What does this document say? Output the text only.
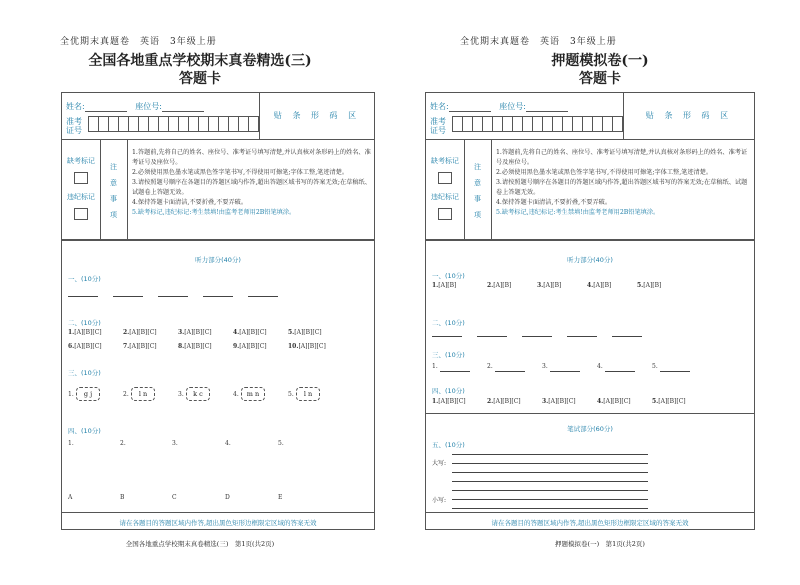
全优期末真题卷　英语　3年级上册
全国各地重点学校期末真卷精选(三)
答题卡
姓名:	座位号:
准考证号
贴 条 形 码 区
缺考标记
违纪标记
注
意
事
项

1.答题前,先将自己的姓名、座位号、准考证号填写清楚,并认真核对条形码上的姓名、准考证号及座位号。

2.必须使用黑色墨水笔或黑色签字笔书写,不得使用可擦笔;字体工整,笔迹清楚。

3.请按照题号顺序在各题目的答题区域内作答,超出答题区域书写的答案无效;在草稿纸、试题卷上答题无效。

4.保持答题卡面清洁,不要折叠,不要弄破。

5.缺考标记,违纪标记:考生禁填!由监考老师用2B铅笔填涂。

听力部分(40分)
一、(10分)
二、(10分)
1.[A][B][C]	2.[A][B][C]	3.[A][B][C]	4.[A][B][C]	5.[A][B][C]
6.[A][B][C]	7.[A][B][C]	8.[A][B][C]	9.[A][B][C]	10.[A][B][C]
三、(10分)
1.	g j	2.	l n	3.	k c	4.	m n	5.	l n
四、(10分)
1.	2.	3.	4.	5.
A	B	C	D	E
请在各题目的答题区域内作答,超出黑色矩形边框限定区域的答案无效
全国各地重点学校期末真卷精选(三)　第1页(共2页)
全优期末真题卷　英语　3年级上册
押题模拟卷(一)
答题卡
姓名:	座位号:
准考证号
贴 条 形 码 区
缺考标记
违纪标记
注
意
事
项

1.答题前,先将自己的姓名、座位号、准考证号填写清楚,并认真核对条形码上的姓名、准考证号及座位号。

2.必须使用黑色墨水笔或黑色签字笔书写,不得使用可擦笔;字体工整,笔迹清楚。

3.请按照题号顺序在各题目的答题区域内作答,超出答题区域书写的答案无效;在草稿纸、试题卷上答题无效。

4.保持答题卡面清洁,不要折叠,不要弄破。

5.缺考标记,违纪标记:考生禁填!由监考老师用2B铅笔填涂。

听力部分(40分)
一、(10分)
1.[A][B]	2.[A][B]	3.[A][B]	4.[A][B]	5.[A][B]
二、(10分)
三、(10分)
1.	2.	3.	4.	5.
四、(10分)
1.[A][B][C]	2.[A][B][C]	3.[A][B][C]	4.[A][B][C]	5.[A][B][C]
笔试部分(60分)
五、(10分)
大写:
小写:
请在各题目的答题区域内作答,超出黑色矩形边框限定区域的答案无效
押题模拟卷(一)　第1页(共2页)
